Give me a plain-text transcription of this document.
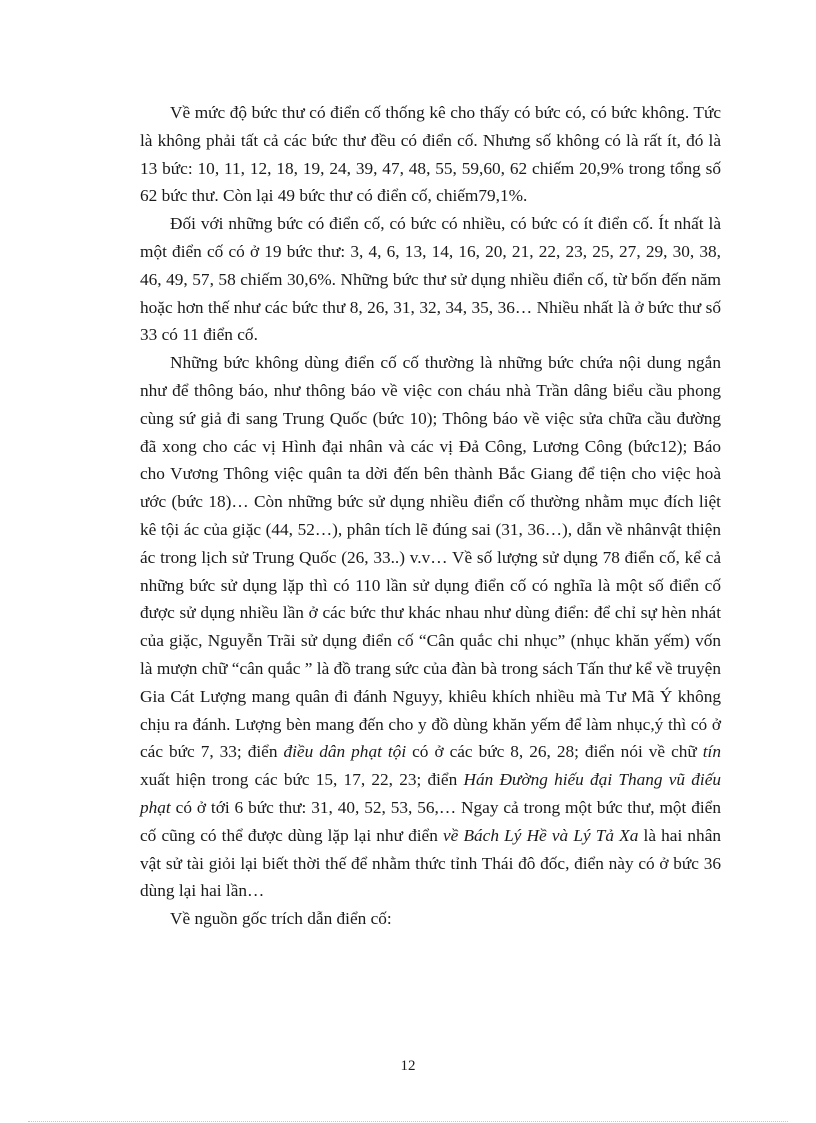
Về mức độ bức thư có điển cố thống kê cho thấy có bức có, có bức không. Tức là không phải tất cả các bức thư đều có điển cố. Nhưng số không có là rất ít, đó là 13 bức: 10, 11, 12, 18, 19, 24, 39, 47, 48, 55, 59,60, 62 chiếm 20,9% trong tổng số 62 bức thư. Còn lại 49 bức thư có điển cố, chiếm79,1%.

Đối với những bức có điển cố, có bức có nhiều, có bức có ít điển cố. Ít nhất là một điển cố có ở 19 bức thư: 3, 4, 6, 13, 14, 16, 20, 21, 22, 23, 25, 27, 29, 30, 38, 46, 49, 57, 58 chiếm 30,6%. Những bức thư sử dụng nhiều điển cố, từ bốn đến năm hoặc hơn thế như các bức thư 8, 26, 31, 32, 34, 35, 36… Nhiều nhất là ở bức thư số 33 có 11 điển cố.

Những bức không dùng điển cố cố thường là những bức chứa nội dung ngắn như để thông báo, như thông báo về việc con cháu nhà Trần dâng biểu cầu phong cùng sứ giả đi sang Trung Quốc (bức 10); Thông báo về việc sửa chữa cầu đường đã xong cho các vị Hình đại nhân và các vị Đả Công, Lương Công (bức12); Báo cho Vương Thông việc quân ta dời đến bên thành Bắc Giang để tiện cho việc hoà ước (bức 18)… Còn những bức sử dụng nhiều điển cố thường nhằm mục đích liệt kê tội ác của giặc (44, 52…), phân tích lẽ đúng sai (31, 36…), dẫn về nhânvật thiện ác trong lịch sử Trung Quốc (26, 33..) v.v… Về số lượng sử dụng 78 điển cố, kể cả những bức sử dụng lặp thì có 110 lần sử dụng điển cố có nghĩa là một số điển cố được sử dụng nhiều lần ở các bức thư khác nhau như dùng điển: để chỉ sự hèn nhát của giặc, Nguyễn Trãi sử dụng điển cố “Cân quắc chi nhục” (nhục khăn yếm) vốn là mượn chữ “cân quắc ” là đồ trang sức của đàn bà trong sách Tấn thư kể về truyện Gia Cát Lượng mang quân đi đánh Nguyy, khiêu khích nhiều mà Tư Mã Ý không chịu ra đánh. Lượng bèn mang đến cho y đồ dùng khăn yếm để làm nhục,ý thì có ở các bức 7, 33; điển điều dân phạt tội có ở các bức 8, 26, 28; điển nói về chữ tín xuất hiện trong các bức 15, 17, 22, 23; điển Hán Đường hiếu đại Thang vũ điếu phạt có ở tới 6 bức thư: 31, 40, 52, 53, 56,… Ngay cả trong một bức thư, một điển cố cũng có thể được dùng lặp lại như điển về Bách Lý Hề và Lý Tả Xa là hai nhân vật sử tài giỏi lại biết thời thế để nhằm thức tỉnh Thái đô đốc, điển này có ở bức 36 dùng lại hai lần…

Về nguồn gốc trích dẫn điển cố:

12
